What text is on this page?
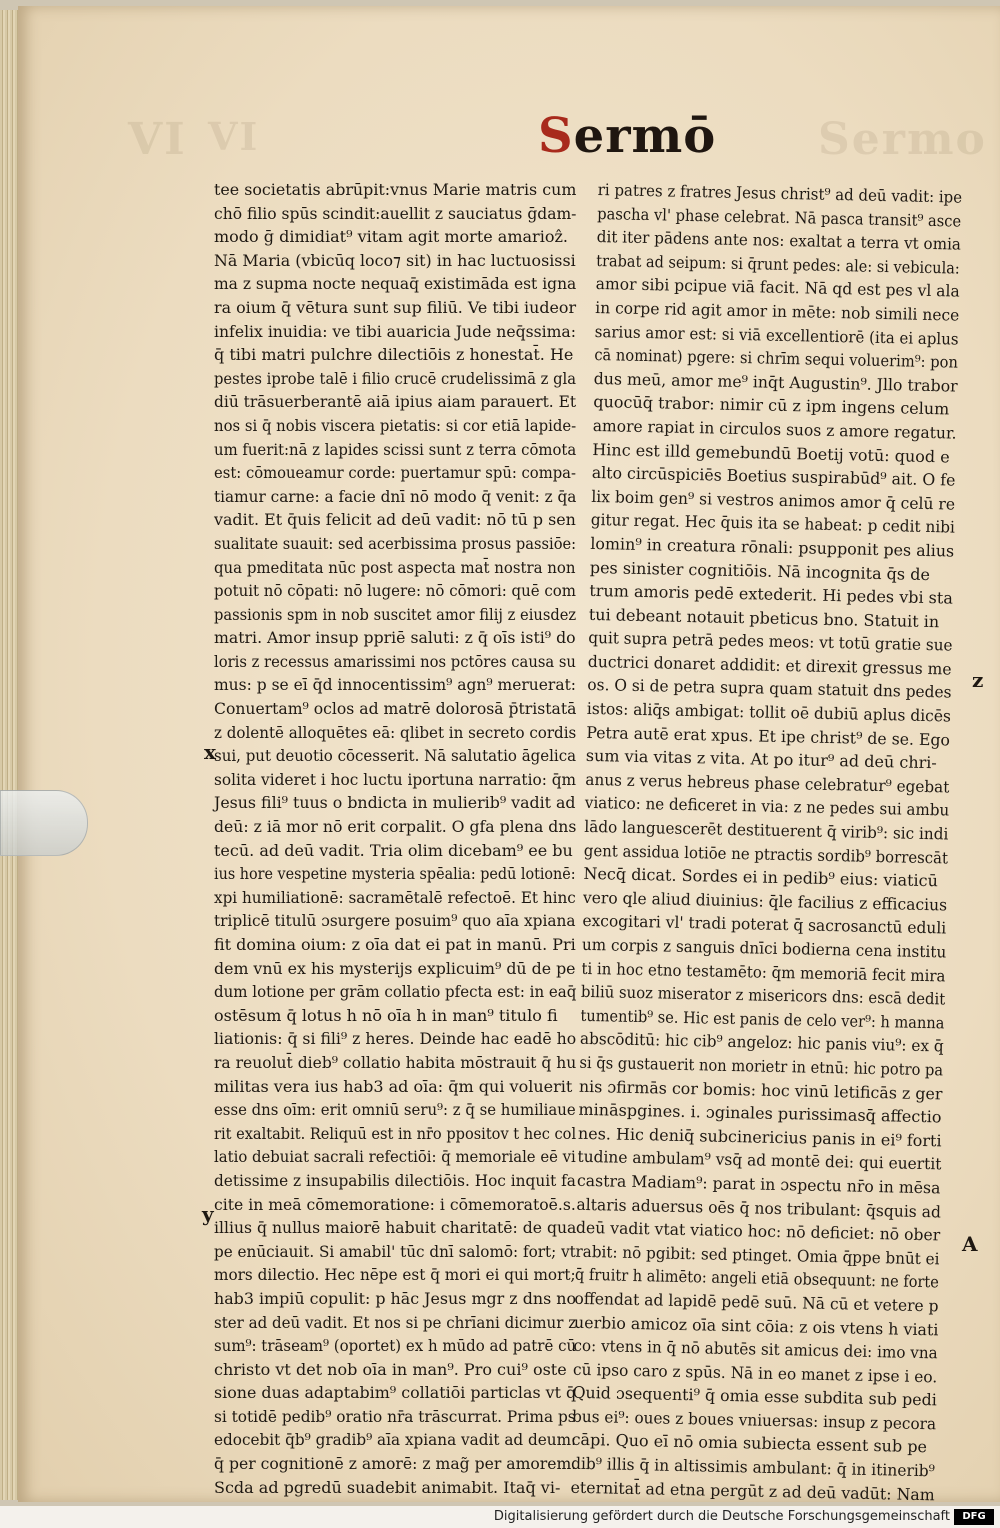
VI VI	Sermo
Sermō
tee societatis abrūpit:vnus Marie matris cum
chō filio spūs scindit:auellit z sauciatus ḡdam-
modo ḡ dimidiat⁹ vitam agit morte amarioẑ.
Nā Maria (vbicūq loco⁊ sit) in hac luctuosissi
ma z supma nocte nequaq̄ existimāda est igna
ra oium q̄ vētura sunt sup filiū. Ve tibi iudeor
infelix inuidia: ve tibi auaricia Jude neq̄ssima:
q̄ tibi matri pulchre dilectiōis z honestat̄. He
pestes iprobe talē i filio crucē crudelissimā z gla
diū trāsuerberantē aiā ipius aiam parauert. Et
nos si q̄ nobis viscera pietatis: si cor etiā lapide-
um fuerit:nā z lapides scissi sunt z terra cōmota
est: cōmoueamur corde: puertamur spū: compa-
tiamur carne: a facie dnī nō modo q̄ venit: z q̄a
vadit. Et q̄uis felicit ad deū vadit: nō tū p sen
sualitate suauit: sed acerbissima prosus passiōe:
qua pmeditata nūc post aspecta mat̄ nostra non
potuit nō cōpati: nō lugere: nō cōmori: quē com
passionis spm in nob suscitet amor filij z eiusdez
matri. Amor insup ppriē saluti: z q̄ oīs isti⁹ do
loris z recessus amarissimi nos pctōres causa su
mus: p se eī q̄d innocentissim⁹ agn⁹ meruerat:
Conuertam⁹ oclos ad matrē dolorosā p̄tristatā
z dolentē alloquētes eā: qlibet in secreto cordis
sui, put deuotio cōcesserit. Nā salutatio āgelica
solita videret i hoc luctu iportuna narratio: q̄m
Jesus fili⁹ tuus o bndicta in mulierib⁹ vadit ad
deū: z iā mor nō erit corpalit. O gfa plena dns
tecū. ad deū vadit. Tria olim dicebam⁹ ee bu
ius hore vespetine mysteria spēalia: pedū lotionē:
xpi humiliationē: sacramētalē refectoē. Et hinc
triplicē titulū ɔsurgere posuim⁹ quo aīa xpiana
fit domina oium: z oīa dat ei pat in manū. Pri
dem vnū ex his mysterijs explicuim⁹ dū de pe
dum lotione per grām collatio pfecta est: in eaq̄
ostēsum q̄ lotus h nō oīa h in man⁹ titulo fi
liationis: q̄ si fili⁹ z heres. Deinde hac eadē ho
ra reuolut̄ dieb⁹ collatio habita mōstrauit q̄ hu
militas vera ius hab3 ad oīa: q̄m qui voluerit
esse dns oīm: erit omniū seru⁹: z q̄ se humiliaue
rit exaltabit. Reliquū est in nr̄o ppositov t hec col
latio debuiat sacrali refectiōi: q̄ memoriale eē vi
detissime z insupabilis dilectiōis. Hoc inquit fa
cite in meā cōmemoratione: i cōmemoratoē.s.
illius q̄ nullus maiorē habuit charitatē: de qua
pe enūciauit. Si amabil' tūc dnī salomō: fort; vt
mors dilectio. Hec nēpe est q̄ mori ei qui mort;
hab3 impiū copulit: p hāc Jesus mgr z dns no
ster ad deū vadit. Et nos si pe chrīani dicimur z
sum⁹: trāseam⁹ (oportet) ex h mūdo ad patrē cū
christo vt det nob oīa in man⁹. Pro cui⁹ oste
sione duas adaptabim⁹ collatiōi particlas vt q̄
si totidē pedib⁹ oratio nr̄a trāscurrat. Prima ps
edocebit q̄b⁹ gradib⁹ aīa xpiana vadit ad deum:
q̄ per cognitionē z amorē: z mag̃ per amorem.
Scda ad pgredū suadebit animabit. Itaq̄ vi-
ri patres z fratres Jesus christ⁹ ad deū vadit: ipe
pascha vl' phase celebrat. Nā pasca transit⁹ asce
dit iter pādens ante nos: exaltat a terra vt omia
trabat ad seipum: si q̄runt pedes: ale: si vebicula:
amor sibi pcipue viā facit. Nā qd est pes vl ala
in corpe rid agit amor in mēte: nob simili nece
sarius amor est: si viā excellentiorē (ita ei aplus
cā nominat) pgere: si chrīm sequi voluerim⁹: pon
dus meū, amor me⁹ inq̄t Augustin⁹. Jllo trabor
quocūq̄ trabor: nimir cū z ipm ingens celum
amore rapiat in circulos suos z amore regatur.
Hinc est illd gemebundū Boetij votū: quod e
alto circūspiciēs Boetius suspirabūd⁹ ait. O fe
lix boim gen⁹ si vestros animos amor q̄ celū re
gitur regat. Hec q̄uis ita se habeat: p cedit nibi
lomin⁹ in creatura rōnali: psupponit pes alius
pes sinister cognitiōis. Nā incognita q̄s de
trum amoris pedē extederit. Hi pedes vbi sta
tui debeant notauit pbeticus bno. Statuit in
quit supra petrā pedes meos: vt totū gratie sue
ductrici donaret addidit: et direxit gressus me
os. O si de petra supra quam statuit dns pedes
istos: aliq̄s ambigat: tollit oē dubiū aplus dicēs
Petra autē erat xpus. Et ipe christ⁹ de se. Ego
sum via vitas z vita. At po itur⁹ ad deū chri-
anus z verus hebreus phase celebratur⁹ egebat
viatico: ne deficeret in via: z ne pedes sui ambu
lādo languescerēt destituerent q̄ virib⁹: sic indi
gent assidua lotiōe ne ptractis sordib⁹ borrescāt
Necq̄ dicat. Sordes ei in pedib⁹ eius: viaticū
vero qle aliud diuinius: q̄le facilius z efficacius
excogitari vl' tradi poterat q̄ sacrosanctū eduli
um corpis z sanguis dnīci bodierna cena institu
ti in hoc etno testamēto: q̄m memoriā fecit mira
biliū suoz miserator z misericors dns: escā dedit
tumentib⁹ se. Hic est panis de celo ver⁹: h manna
abscōditū: hic cib⁹ angeloz: hic panis viu⁹: ex q̄
si q̄s gustauerit non morietr in etnū: hic potro pa
nis ɔfirmās cor bomis: hoc vinū letificās z ger
mināspgines. i. ɔginales purissimasq̄ affectio
nes. Hic deniq̄ subcinericius panis in ei⁹ forti
tudine ambulam⁹ vsq̄ ad montē dei: qui euertit
castra Madiam⁹: parat in ɔspectu nr̄o in mēsa
altaris aduersus oēs q̄ nos tribulant: q̄squis ad
deū vadit vtat viatico hoc: nō deficiet: nō ober
rabit: nō pgibit: sed ptinget. Omia q̄ppe bnūt ei
q̄ fruitr h alimēto: angeli etiā obsequunt: ne forte
offendat ad lapidē pedē suū. Nā cū et vetere p
uerbio amicoz oīa sint cōia: z ois vtens h viati
co: vtens in q̄ nō abutēs sit amicus dei: imo vna
cū ipso caro z spūs. Nā in eo manet z ipse i eo.
Quid ɔsequenti⁹ q̄ omia esse subdita sub pedi
bus ei⁹: oues z boues vniuersas: insup z pecora
cāpi. Quo eī nō omia subiecta essent sub pe
dib⁹ illis q̄ in altissimis ambulant: q̄ in itinerib⁹
eternitat̄ ad etna pergūt z ad deū vadūt: Nam
x
y
z
A
Digitalisierung gefördert durch die Deutsche Forschungsgemeinschaft	DFG
